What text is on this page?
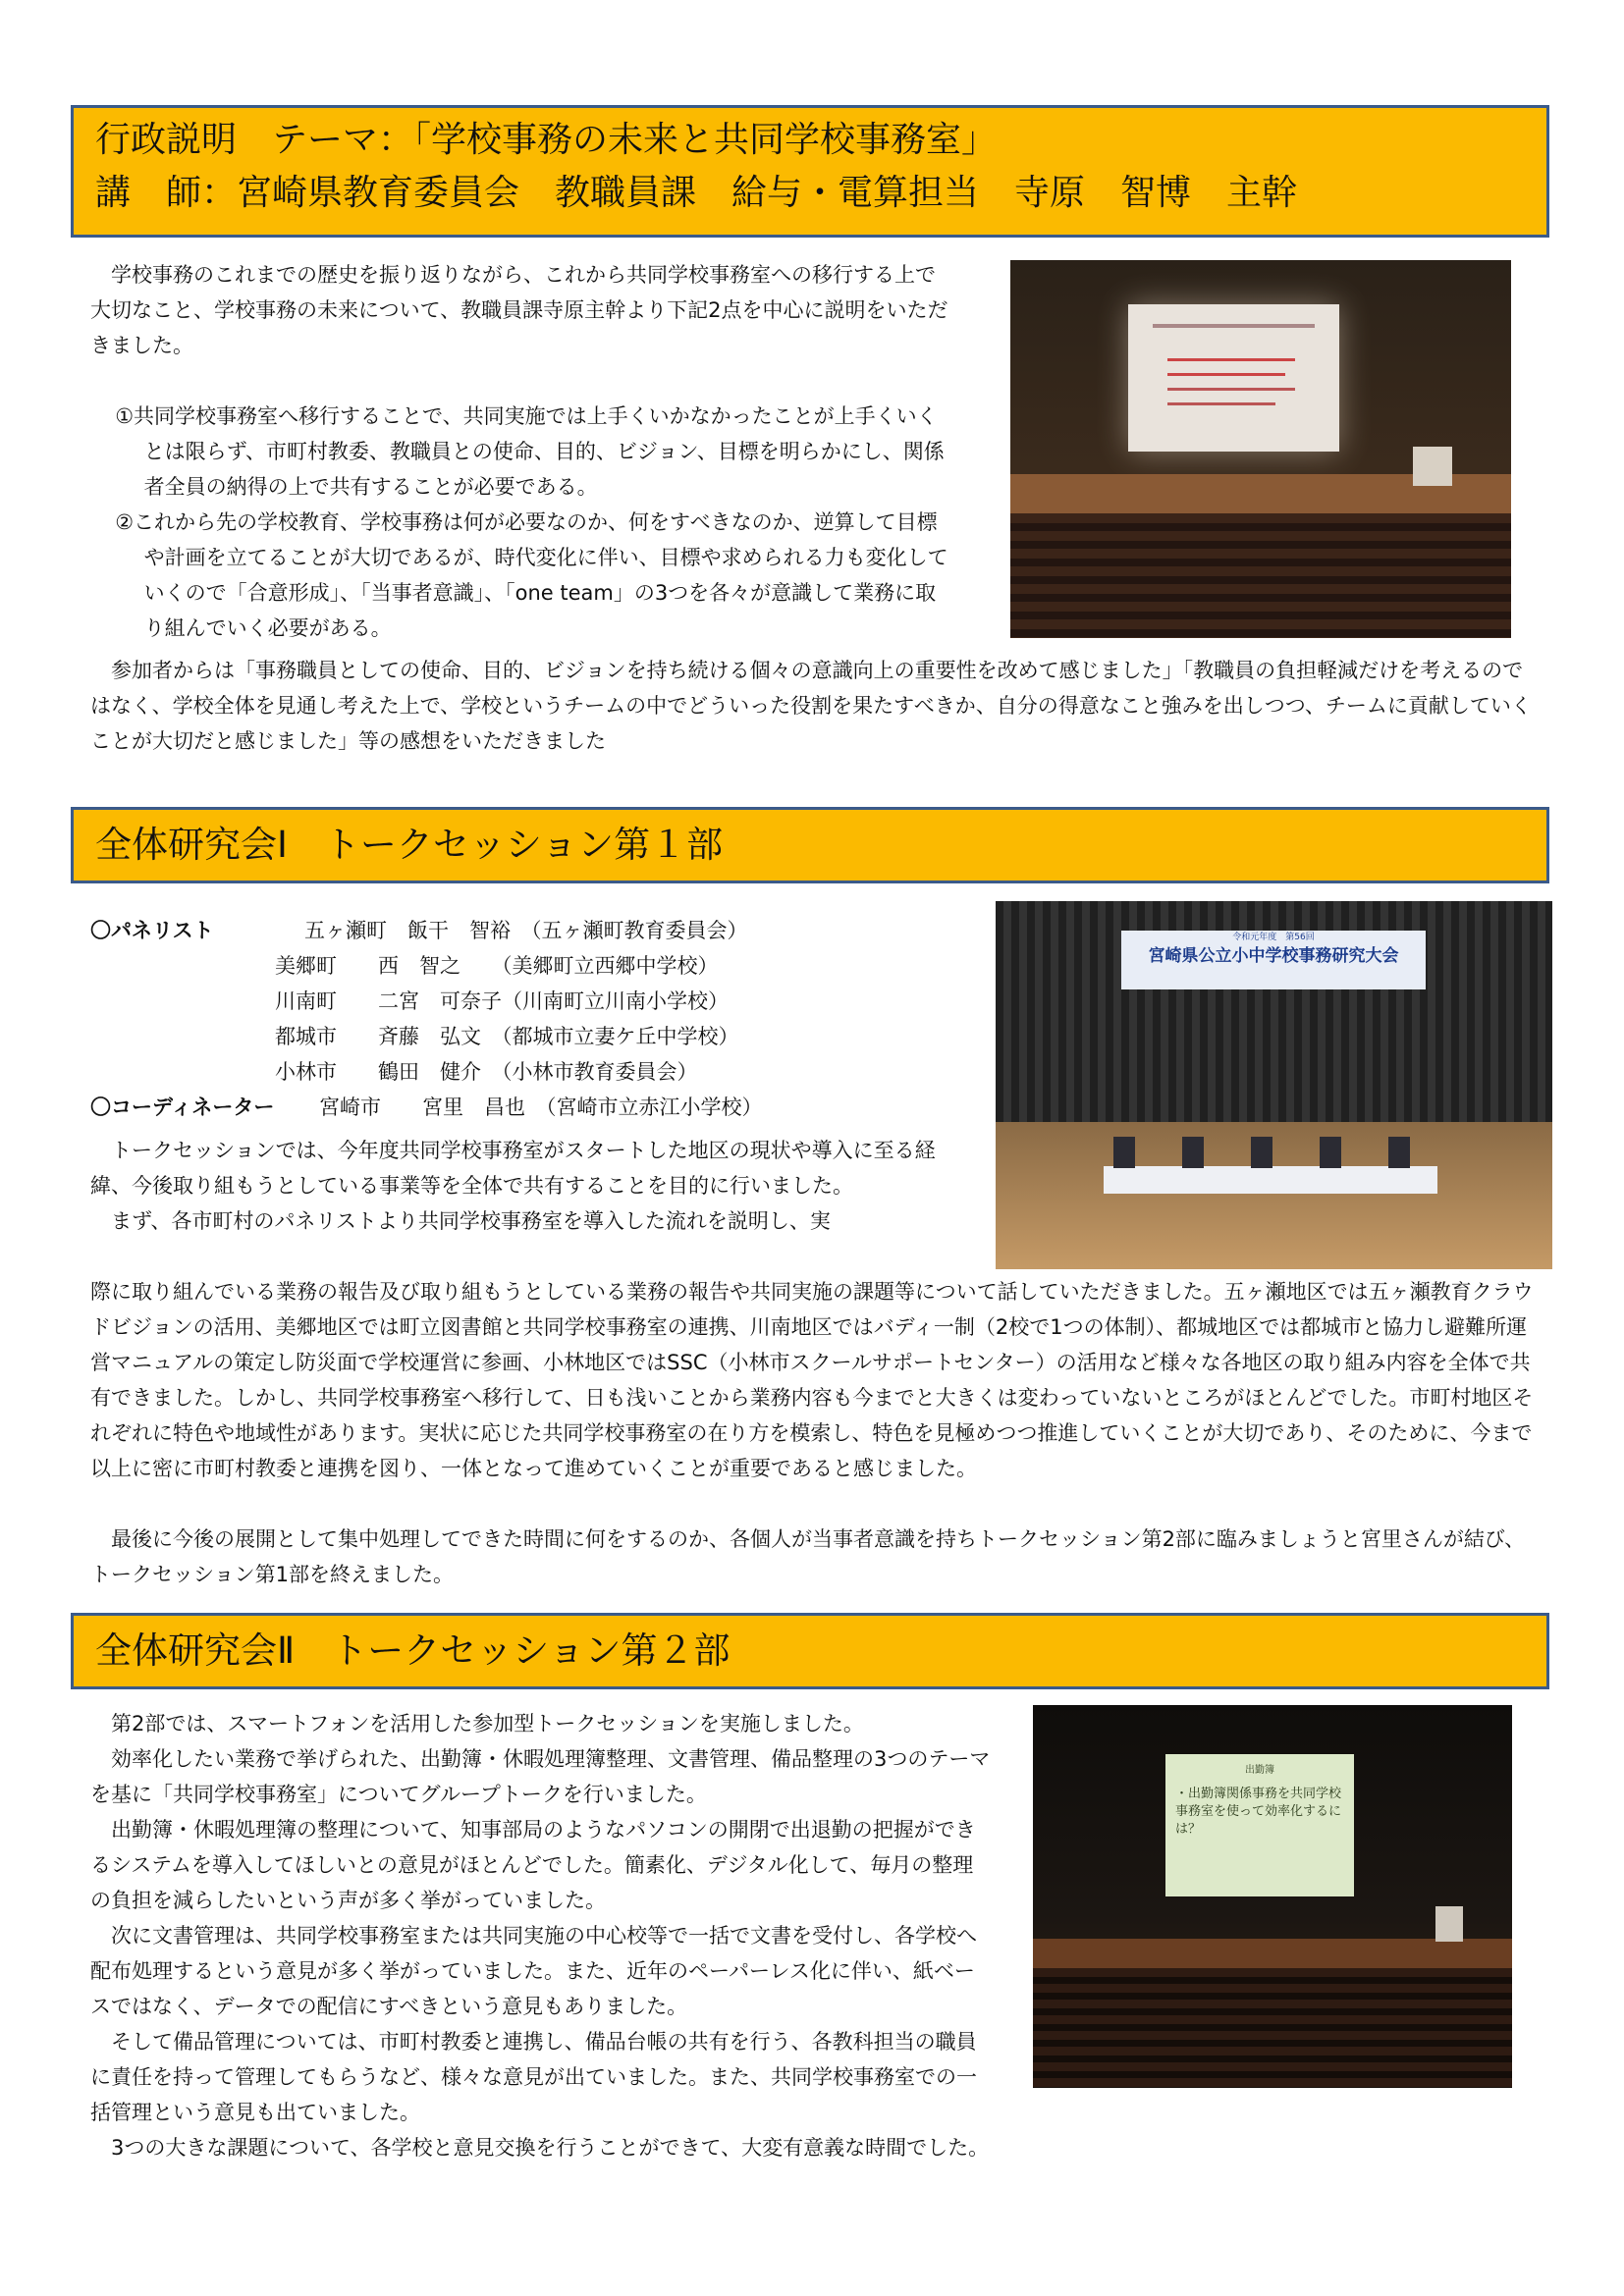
行政説明　テーマ：「学校事務の未来と共同学校事務室」
講　師：宮崎県教育委員会　教職員課　給与・電算担当　寺原　智博　主幹

学校事務のこれまでの歴史を振り返りながら、これから共同学校事務室への移行する上で大切なこと、学校事務の未来について、教職員課寺原主幹より下記2点を中心に説明をいただきました。

①共同学校事務室へ移行することで、共同実施では上手くいかなかったことが上手くいくとは限らず、市町村教委、教職員との使命、目的、ビジョン、目標を明らかにし、関係者全員の納得の上で共有することが必要である。

②これから先の学校教育、学校事務は何が必要なのか、何をすべきなのか、逆算して目標や計画を立てることが大切であるが、時代変化に伴い、目標や求められる力も変化していくので「合意形成」、「当事者意識」、「one team」の3つを各々が意識して業務に取り組んでいく必要がある。

参加者からは「事務職員としての使命、目的、ビジョンを持ち続ける個々の意識向上の重要性を改めて感じました」「教職員の負担軽減だけを考えるのではなく、学校全体を見通し考えた上で、学校というチームの中でどういった役割を果たすべきか、自分の得意なこと強みを出しつつ、チームに貢献していくことが大切だと感じました」等の感想をいただきました
全体研究会Ⅰ　トークセッション第１部
〇パネリスト	五ヶ瀬町　飯干　智裕　（五ヶ瀬町教育委員会）
美郷町　　西　智之　　（美郷町立西郷中学校）
川南町　　二宮　可奈子（川南町立川南小学校）
都城市　　斉藤　弘文　（都城市立妻ケ丘中学校）
小林市　　鶴田　健介　（小林市教育委員会）
〇コーディネーター 宮崎市　　宮里　昌也　（宮崎市立赤江小学校）

トークセッションでは、今年度共同学校事務室がスタートした地区の現状や導入に至る経緯、今後取り組もうとしている事業等を全体で共有することを目的に行いました。

まず、各市町村のパネリストより共同学校事務室を導入した流れを説明し、実

令和元年度　第56回
宮崎県公立小中学校事務研究大会
際に取り組んでいる業務の報告及び取り組もうとしている業務の報告や共同実施の課題等について話していただきました。五ヶ瀬地区では五ヶ瀬教育クラウドビジョンの活用、美郷地区では町立図書館と共同学校事務室の連携、川南地区ではバディ一制（2校で1つの体制）、都城地区では都城市と協力し避難所運営マニュアルの策定し防災面で学校運営に参画、小林地区ではSSC（小林市スクールサポートセンター）の活用など様々な各地区の取り組み内容を全体で共有できました。しかし、共同学校事務室へ移行して、日も浅いことから業務内容も今までと大きくは変わっていないところがほとんどでした。市町村地区それぞれに特色や地域性があります。実状に応じた共同学校事務室の在り方を模索し、特色を見極めつつ推進していくことが大切であり、そのために、今まで以上に密に市町村教委と連携を図り、一体となって進めていくことが重要であると感じました。
最後に今後の展開として集中処理してできた時間に何をするのか、各個人が当事者意識を持ちトークセッション第2部に臨みましょうと宮里さんが結び、トークセッション第1部を終えました。
全体研究会Ⅱ　トークセッション第２部

第2部では、スマートフォンを活用した参加型トークセッションを実施しました。

効率化したい業務で挙げられた、出勤簿・休暇処理簿整理、文書管理、備品整理の3つのテーマを基に「共同学校事務室」についてグループトークを行いました。

出勤簿・休暇処理簿の整理について、知事部局のようなパソコンの開閉で出退勤の把握ができるシステムを導入してほしいとの意見がほとんどでした。簡素化、デジタル化して、毎月の整理の負担を減らしたいという声が多く挙がっていました。

次に文書管理は、共同学校事務室または共同実施の中心校等で一括で文書を受付し、各学校へ配布処理するという意見が多く挙がっていました。また、近年のペーパーレス化に伴い、紙ベースではなく、データでの配信にすべきという意見もありました。

そして備品管理については、市町村教委と連携し、備品台帳の共有を行う、各教科担当の職員に責任を持って管理してもらうなど、様々な意見が出ていました。また、共同学校事務室での一括管理という意見も出ていました。

3つの大きな課題について、各学校と意見交換を行うことができて、大変有意義な時間でした。

出勤簿
・出勤簿関係事務を共同学校事務室を使って効率化するには？
